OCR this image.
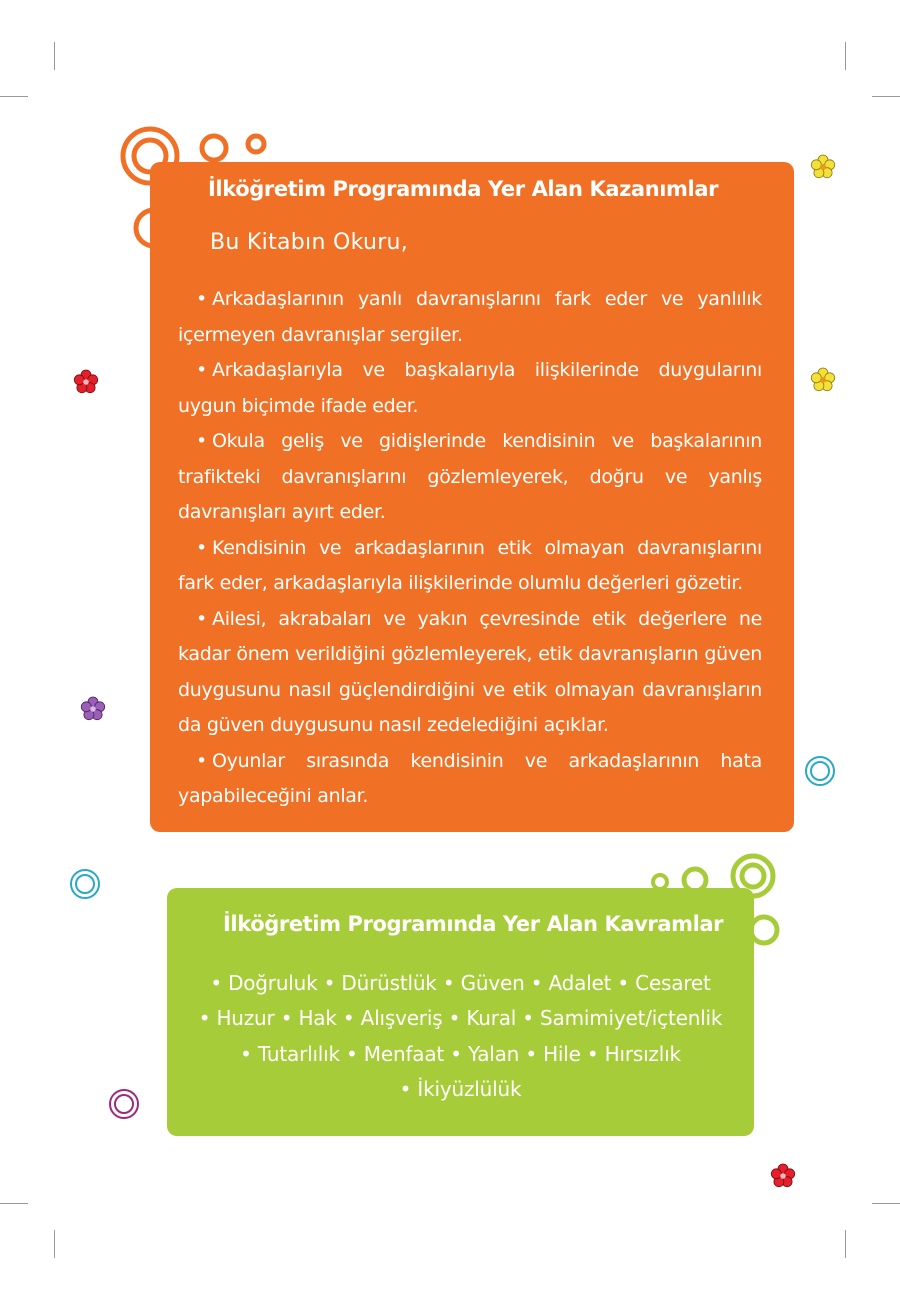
İlköğretim Programında Yer Alan Kazanımlar

Bu Kitabın Okuru,

• Arkadaşlarının yanlı davranışlarını fark eder ve yanlılık içermeyen davranışlar sergiler.
• Arkadaşlarıyla ve başkalarıyla ilişkilerinde duygularını uygun biçimde ifade eder.
• Okula geliş ve gidişlerinde kendisinin ve başkalarının trafikteki davranışlarını gözlemleyerek, doğru ve yanlış davranışları ayırt eder.
• Kendisinin ve arkadaşlarının etik olmayan davranışlarını fark eder, arkadaşlarıyla ilişkilerinde olumlu değerleri gözetir.
• Ailesi, akrabaları ve yakın çevresinde etik değerlere ne kadar önem verildiğini gözlemleyerek, etik davranışların güven duygusunu nasıl güçlendirdiğini ve etik olmayan davranışların da güven duygusunu nasıl zedelediğini açıklar.
• Oyunlar sırasında kendisinin ve arkadaşlarının hata yapabileceğini anlar.
İlköğretim Programında Yer Alan Kavramlar
• Doğruluk • Dürüstlük • Güven • Adalet • Cesaret
• Huzur • Hak • Alışveriş • Kural • Samimiyet/içtenlik
• Tutarlılık • Menfaat • Yalan • Hile • Hırsızlık
• İkiyüzlülük
